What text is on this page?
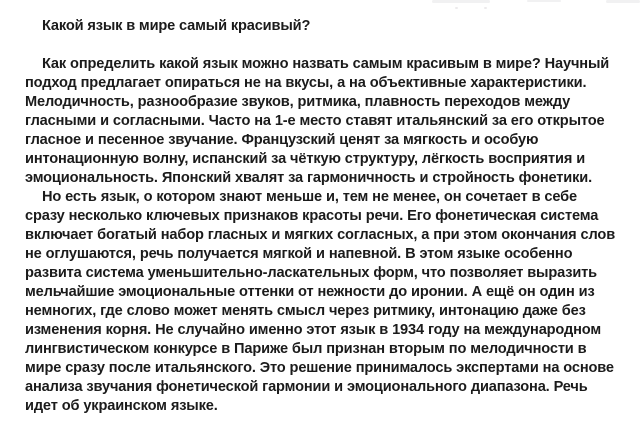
Какой язык в мире самый красивый?

Как определить какой язык можно назвать самым красивым в мире? Научный подход предлагает опираться не на вкусы, а на объективные характеристики. Мелодичность, разнообразие звуков, ритмика, плавность переходов между гласными и согласными. Часто на 1-е место ставят итальянский за его открытое гласное и песенное звучание. Французский ценят за мягкость и особую интонационную волну, испанский за чёткую структуру, лёгкость восприятия и эмоциональность. Японский хвалят за гармоничность и стройность фонетики.

Но есть язык, о котором знают меньше и, тем не менее, он сочетает в себе сразу несколько ключевых признаков красоты речи. Его фонетическая система включает богатый набор гласных и мягких согласных, а при этом окончания слов не оглушаются, речь получается мягкой и напевной. В этом языке особенно развита система уменьшительно-ласкательных форм, что позволяет выразить мельчайшие эмоциональные оттенки от нежности до иронии. А ещё он один из немногих, где слово может менять смысл через ритмику, интонацию даже без изменения корня. Не случайно именно этот язык в 1934 году на международном лингвистическом конкурсе в Париже был признан вторым по мелодичности в мире сразу после итальянского. Это решение принималось экспертами на основе анализа звучания фонетической гармонии и эмоционального диапазона. Речь идет об украинском языке.
